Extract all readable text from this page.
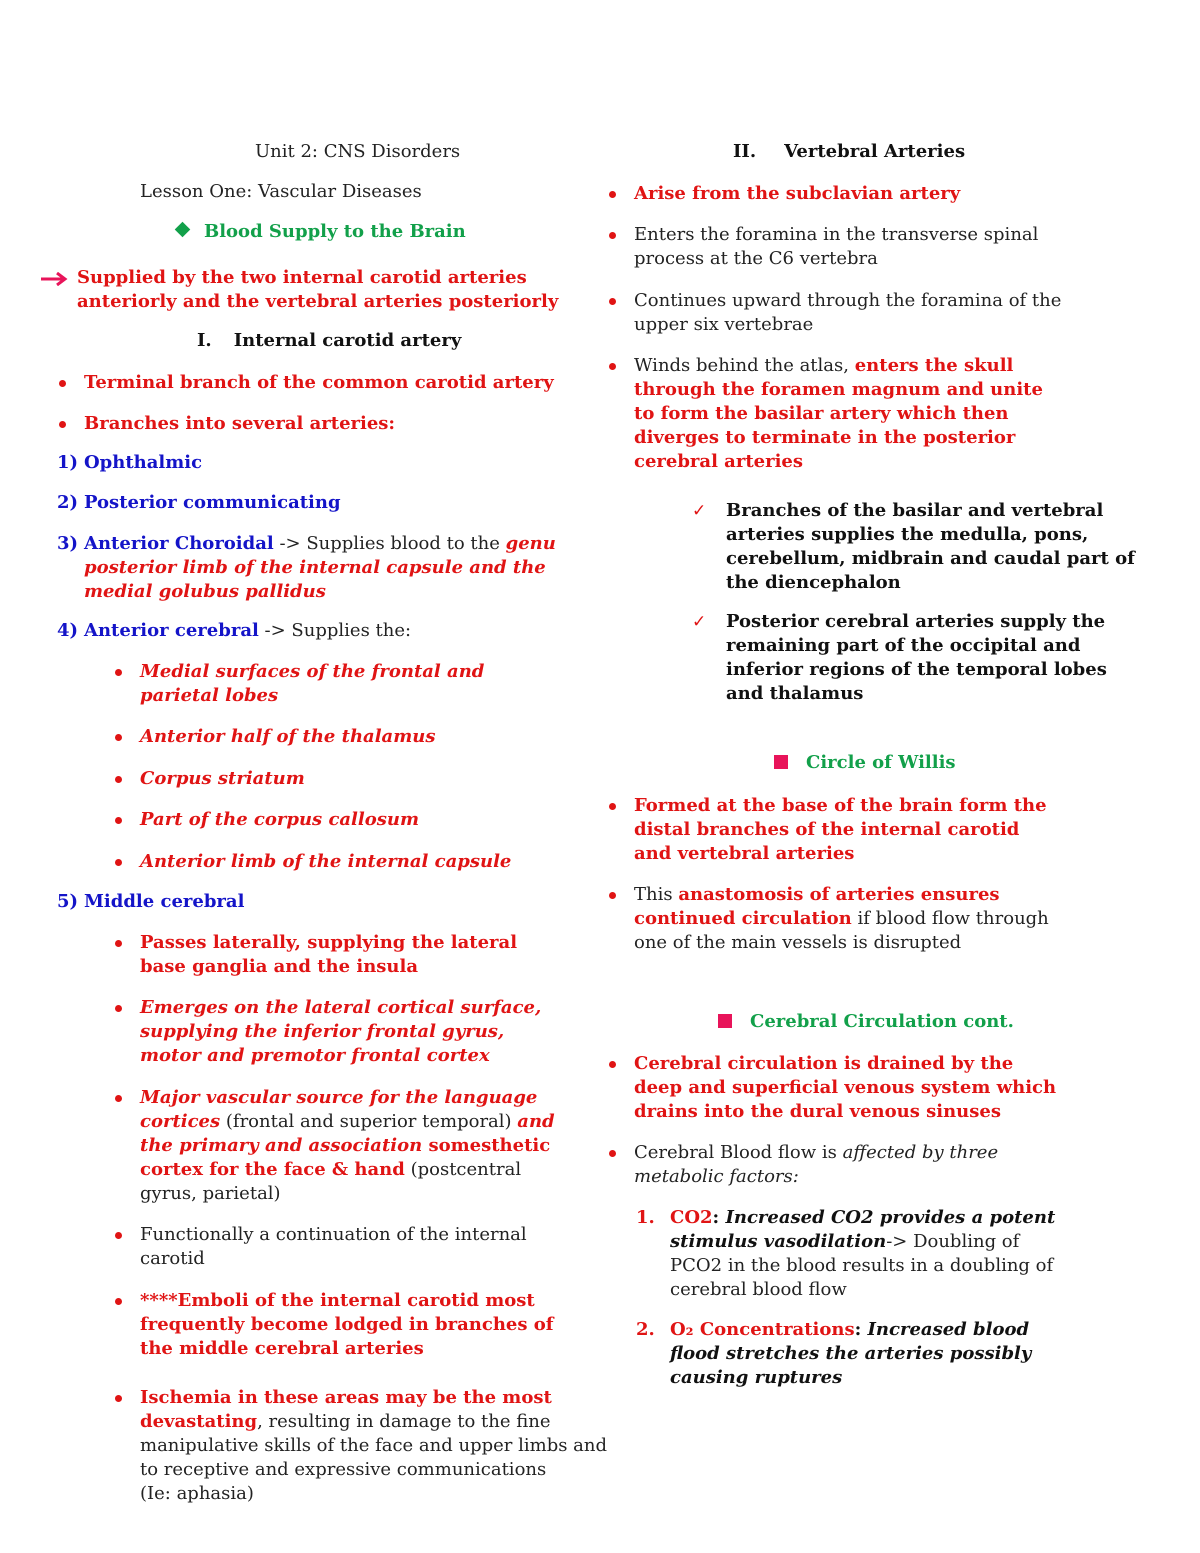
Unit 2: CNS Disorders
Lesson One: Vascular Diseases
Blood Supply to the Brain
Supplied by the two internal carotid arteries
anteriorly and the vertebral arteries posteriorly
I. Internal carotid artery
Terminal branch of the common carotid artery
Branches into several arteries:
1) Ophthalmic
2) Posterior communicating
3) Anterior Choroidal -> Supplies blood to the genu
posterior limb of the internal capsule and the
medial golubus pallidus
4) Anterior cerebral -> Supplies the:
Medial surfaces of the frontal and
parietal lobes
Anterior half of the thalamus
Corpus striatum
Part of the corpus callosum
Anterior limb of the internal capsule
5) Middle cerebral
Passes laterally, supplying the lateral
base ganglia and the insula
Emerges on the lateral cortical surface,
supplying the inferior frontal gyrus,
motor and premotor frontal cortex
Major vascular source for the language
cortices (frontal and superior temporal) and
the primary and association somesthetic
cortex for the face & hand (postcentral
gyrus, parietal)
Functionally a continuation of the internal
carotid
****Emboli of the internal carotid most
frequently become lodged in branches of
the middle cerebral arteries
Ischemia in these areas may be the most
devastating, resulting in damage to the fine
manipulative skills of the face and upper limbs and
to receptive and expressive communications
(Ie: aphasia)
II. Vertebral Arteries
Arise from the subclavian artery
Enters the foramina in the transverse spinal
process at the C6 vertebra
Continues upward through the foramina of the
upper six vertebrae
Winds behind the atlas, enters the skull
through the foramen magnum and unite
to form the basilar artery which then
diverges to terminate in the posterior
cerebral arteries
✓ Branches of the basilar and vertebral
arteries supplies the medulla, pons,
cerebellum, midbrain and caudal part of
the diencephalon
✓ Posterior cerebral arteries supply the
remaining part of the occipital and
inferior regions of the temporal lobes
and thalamus
Circle of Willis
Formed at the base of the brain form the
distal branches of the internal carotid
and vertebral arteries
This anastomosis of arteries ensures
continued circulation if blood flow through
one of the main vessels is disrupted
Cerebral Circulation cont.
Cerebral circulation is drained by the
deep and superficial venous system which
drains into the dural venous sinuses
Cerebral Blood flow is affected by three
metabolic factors:
1. CO2: Increased CO2 provides a potent
stimulus vasodilation-> Doubling of
PCO2 in the blood results in a doubling of
cerebral blood flow
2. O₂ Concentrations: Increased blood
flood stretches the arteries possibly
causing ruptures
